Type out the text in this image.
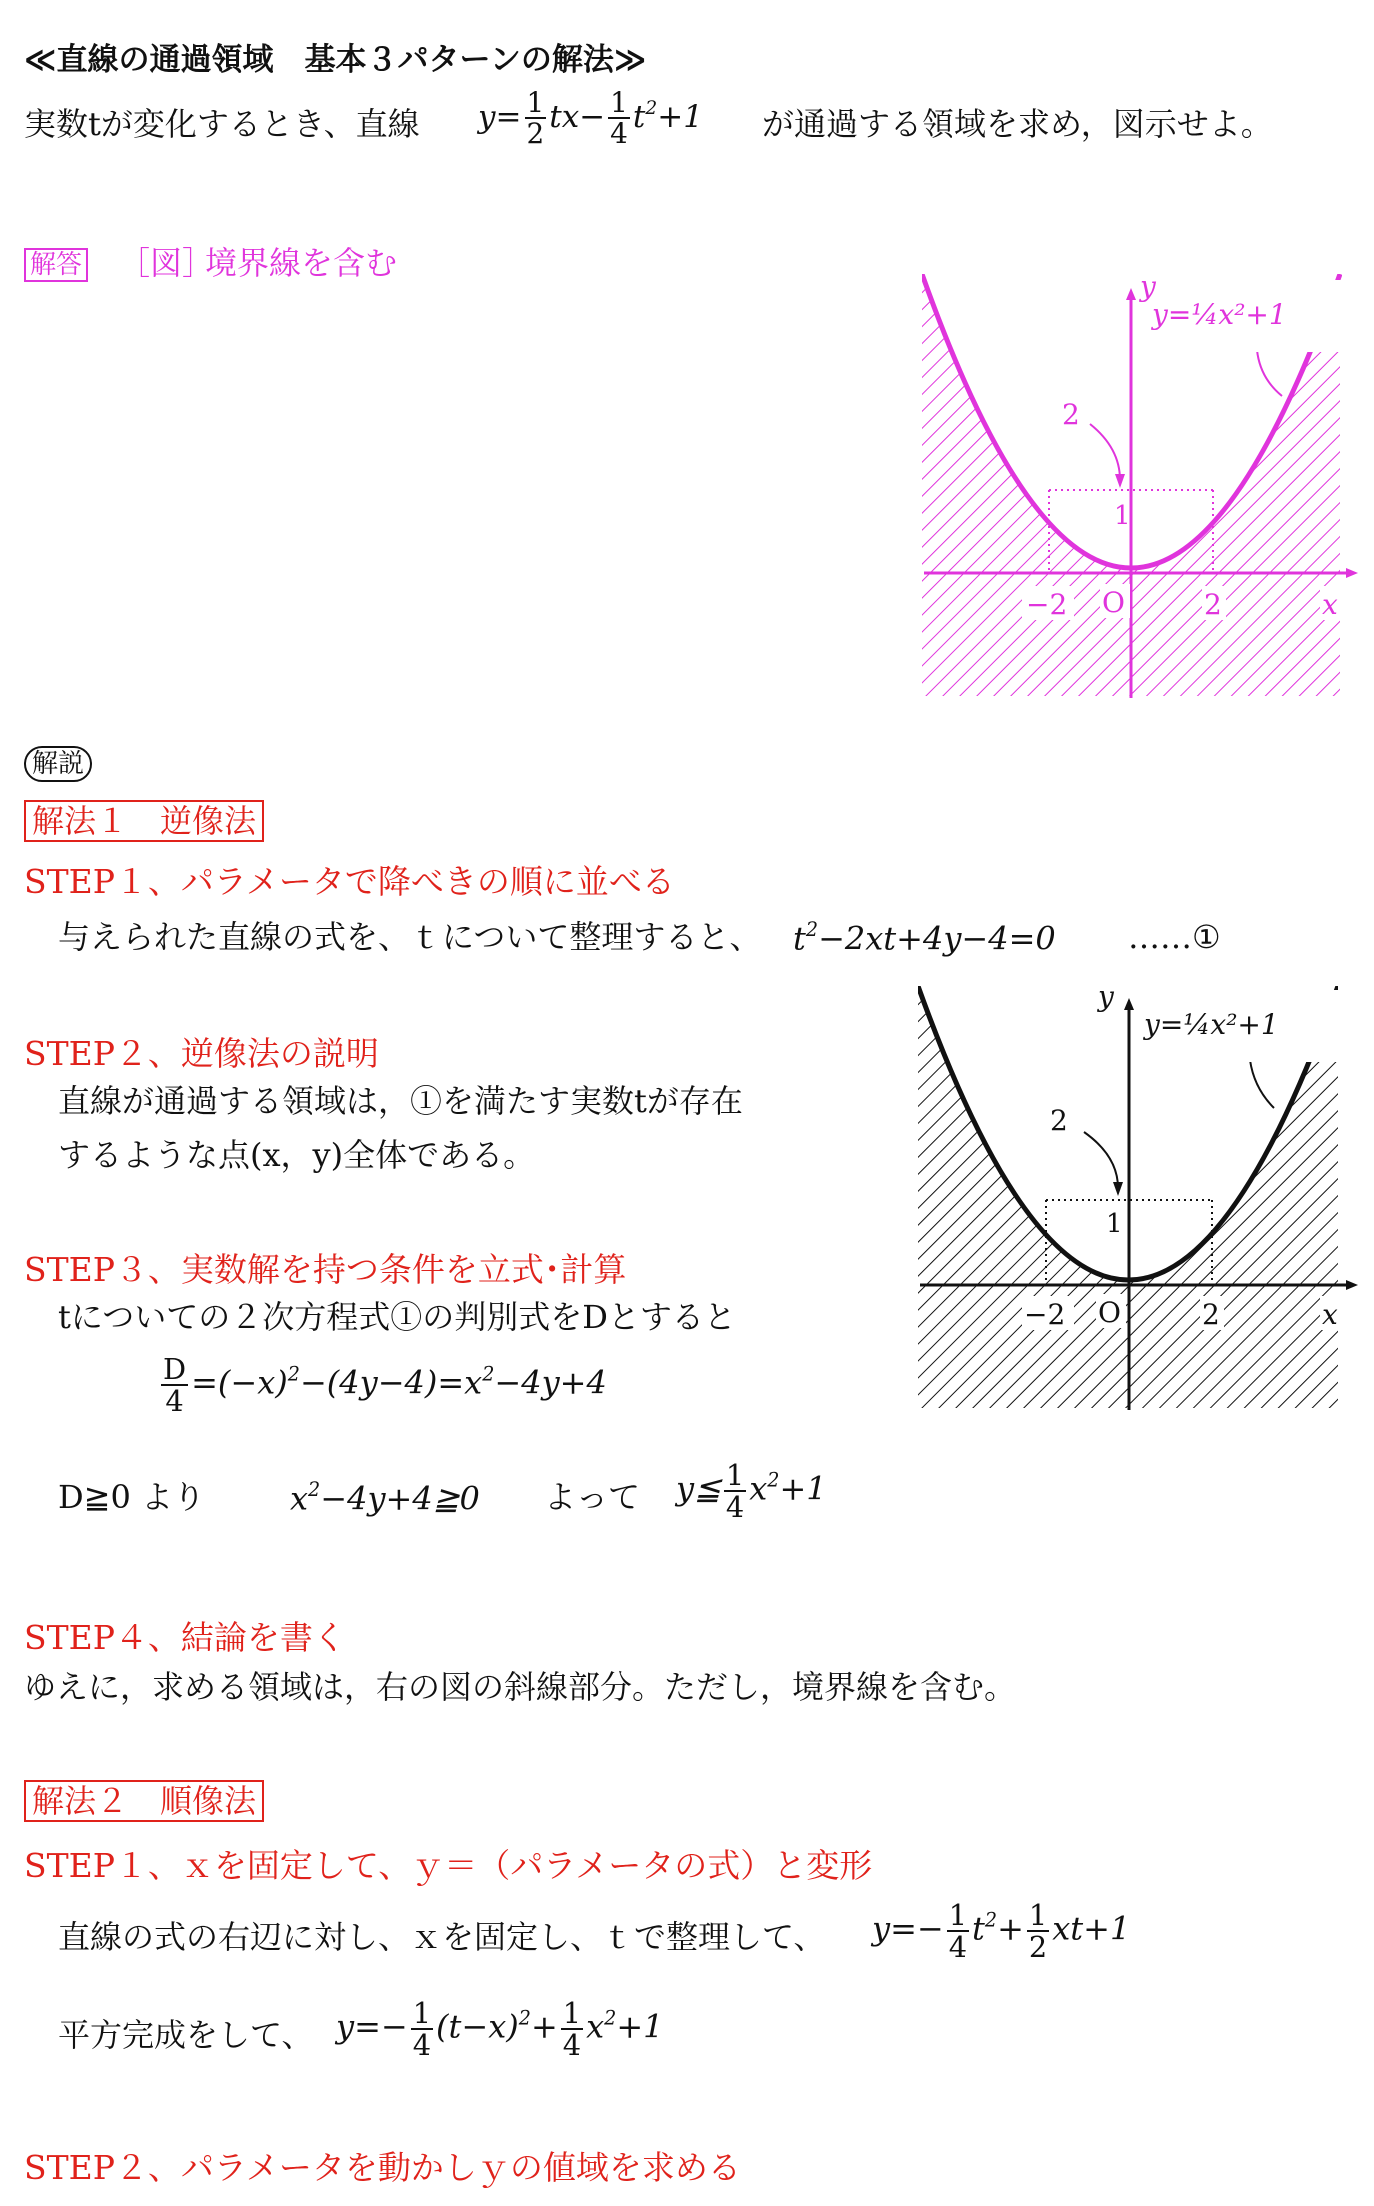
≪直線の通過領域　基本３パターンの解法≫
実数tが変化するとき、直線 $y= \frac{1}{2} tx- \frac{1}{4} t^2+1$ が通過する領域を求め，図示せよ。
解答 ［図］
境界線を含む
y=¼x²+1
y
2
1
−2 O	2	x
解説
解法１　逆像法
STEP１、パラメータで降べきの順に並べる
与えられた直線の式を、ｔについて整理すると、 $t^2-2xt+4y-4=0$ ……①
STEP２、逆像法の説明
直線が通過する領域は，①を満たす実数tが存在
するような点(x，y)全体である。
STEP３、実数解を持つ条件を立式･計算
tについての２次方程式①の判別式をDとすると
$\frac{D}{4} =(-x)^2-(4y-4)=x^2-4y+4$
D≧0 より	$x^2-4y+4≧0$ よって y≦ $\frac{1}{4} x^2+1$
y=¼x²+1
y
2
1
−2 O	2	x
STEP４、結論を書く
ゆえに，求める領域は，右の図の斜線部分。ただし，境界線を含む。
解法２　順像法
STEP１、ｘを固定して、ｙ＝（パラメータの式）と変形
直線の式の右辺に対し、ｘを固定し、ｔで整理して、 $y=- \frac{1}{4} t^2+ \frac{1}{2} xt+1$
平方完成をして、 $y=- \frac{1}{4} (t-x)^2+ \frac{1}{4} x^2+1$
STEP２、パラメータを動かしｙの値域を求める
